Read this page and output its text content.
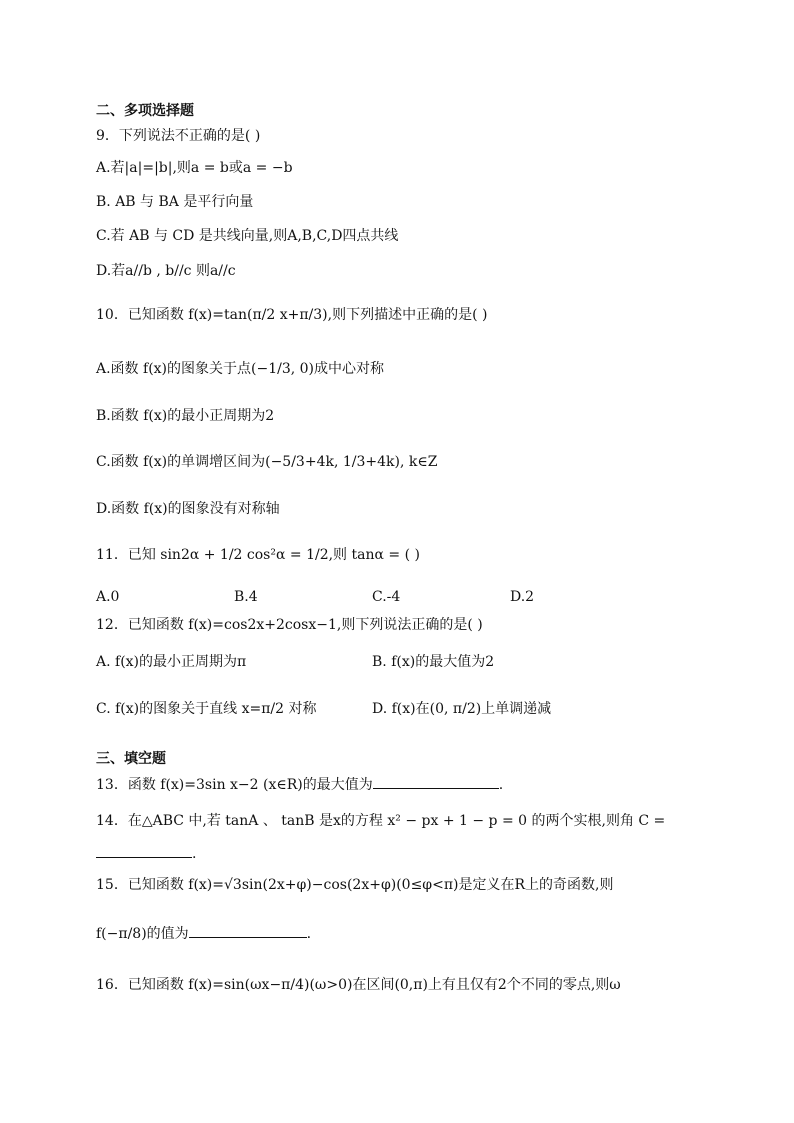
二、多项选择题
9．下列说法不正确的是( )
A.若|a|=|b|,则a = b或a = −b
B. AB 与 BA 是平行向量
C.若 AB 与 CD 是共线向量,则A,B,C,D四点共线
D.若a//b , b//c 则a//c
10．已知函数 f(x)=tan(π/2 x+π/3),则下列描述中正确的是( )
A.函数 f(x)的图象关于点(−1/3, 0)成中心对称
B.函数 f(x)的最小正周期为2
C.函数 f(x)的单调增区间为(−5/3+4k, 1/3+4k), k∈Z
D.函数 f(x)的图象没有对称轴
11．已知 sin2α + 1/2 cos²α = 1/2,则 tanα = ( )
A.0	B.4	C.-4	D.2
12．已知函数 f(x)=cos2x+2cosx−1,则下列说法正确的是( )
A. f(x)的最小正周期为π	B. f(x)的最大值为2
C. f(x)的图象关于直线 x=π/2 对称	D. f(x)在(0, π/2)上单调递减
三、填空题
13．函数 f(x)=3sin x−2 (x∈R)的最大值为	.
14．在△ABC 中,若 tanA 、 tanB 是x的方程 x² − px + 1 − p = 0 的两个实根,则角 C =
.
15．已知函数 f(x)=√3sin(2x+φ)−cos(2x+φ)(0≤φ<π)是定义在R上的奇函数,则
f(−π/8)的值为	.
16．已知函数 f(x)=sin(ωx−π/4)(ω>0)在区间(0,π)上有且仅有2个不同的零点,则ω
